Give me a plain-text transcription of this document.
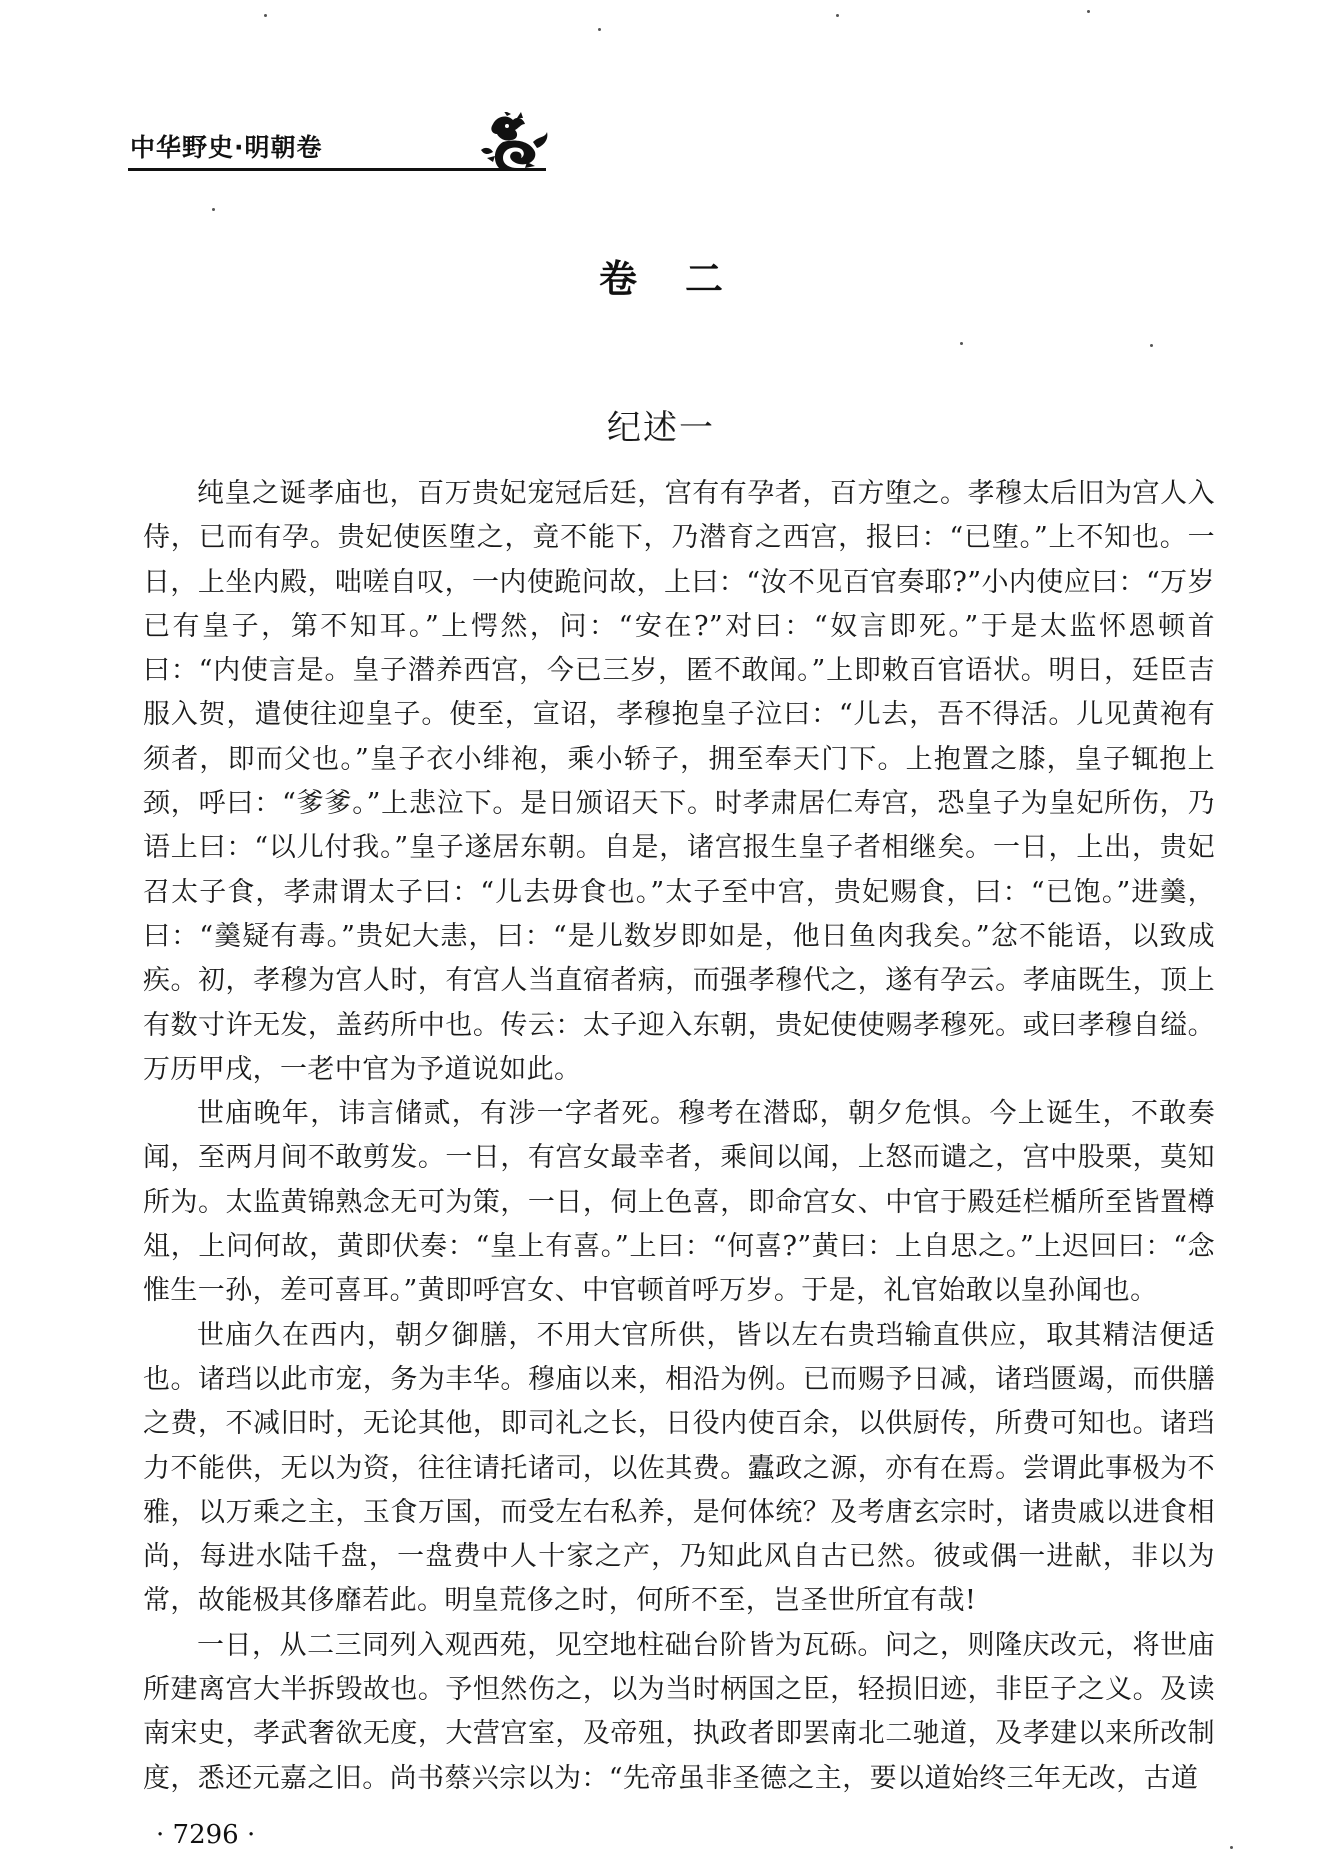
中华野史·明朝卷
卷 二
纪述一

纯皇之诞孝庙也，百万贵妃宠冠后廷，宫有有孕者，百方堕之。孝穆太后旧为宫人入侍，已而有孕。贵妃使医堕之，竟不能下，乃潜育之西宫，报曰：“已堕。”上不知也。一日，上坐内殿，咄嗟自叹，一内使跪问故，上曰：“汝不见百官奏耶?”小内使应曰：“万岁已有皇子，第不知耳。”上愕然，问：“安在?”对曰：“奴言即死。”于是太监怀恩顿首曰：“内使言是。皇子潜养西宫，今已三岁，匿不敢闻。”上即敕百官语状。明日，廷臣吉服入贺，遣使往迎皇子。使至，宣诏，孝穆抱皇子泣曰：“儿去，吾不得活。儿见黄袍有须者，即而父也。”皇子衣小绯袍，乘小轿子，拥至奉天门下。上抱置之膝，皇子辄抱上颈，呼曰：“爹爹。”上悲泣下。是日颁诏天下。时孝肃居仁寿宫，恐皇子为皇妃所伤，乃语上曰：“以儿付我。”皇子遂居东朝。自是，诸宫报生皇子者相继矣。一日，上出，贵妃召太子食，孝肃谓太子曰：“儿去毋食也。”太子至中宫，贵妃赐食，曰：“已饱。”进羹，曰：“羹疑有毒。”贵妃大恚，曰：“是儿数岁即如是，他日鱼肉我矣。”忿不能语，以致成疾。初，孝穆为宫人时，有宫人当直宿者病，而强孝穆代之，遂有孕云。孝庙既生，顶上有数寸许无发，盖药所中也。传云：太子迎入东朝，贵妃使使赐孝穆死。或曰孝穆自缢。万历甲戌，一老中官为予道说如此。

世庙晚年，讳言储贰，有涉一字者死。穆考在潜邸，朝夕危惧。今上诞生，不敢奏闻，至两月间不敢剪发。一日，有宫女最幸者，乘间以闻，上怒而谴之，宫中股栗，莫知所为。太监黄锦熟念无可为策，一日，伺上色喜，即命宫女、中官于殿廷栏楯所至皆置樽俎，上问何故，黄即伏奏：“皇上有喜。”上曰：“何喜?”黄曰：上自思之。”上迟回曰：“念惟生一孙，差可喜耳。”黄即呼宫女、中官顿首呼万岁。于是，礼官始敢以皇孙闻也。

世庙久在西内，朝夕御膳，不用大官所供，皆以左右贵珰输直供应，取其精洁便适也。诸珰以此市宠，务为丰华。穆庙以来，相沿为例。已而赐予日减，诸珰匮竭，而供膳之费，不减旧时，无论其他，即司礼之长，日役内使百余，以供厨传，所费可知也。诸珰力不能供，无以为资，往往请托诸司，以佐其费。蠹政之源，亦有在焉。尝谓此事极为不雅，以万乘之主，玉食万国，而受左右私养，是何体统？及考唐玄宗时，诸贵戚以进食相尚，每进水陆千盘，一盘费中人十家之产，乃知此风自古已然。彼或偶一进献，非以为常，故能极其侈靡若此。明皇荒侈之时，何所不至，岂圣世所宜有哉!

一日，从二三同列入观西苑，见空地柱础台阶皆为瓦砾。问之，则隆庆改元，将世庙所建离宫大半拆毁故也。予怛然伤之，以为当时柄国之臣，轻损旧迹，非臣子之义。及读南宋史，孝武奢欲无度，大营宫室，及帝殂，执政者即罢南北二驰道，及孝建以来所改制度，悉还元嘉之旧。尚书蔡兴宗以为：“先帝虽非圣德之主，要以道始终三年无改，古道

· 7296 ·
